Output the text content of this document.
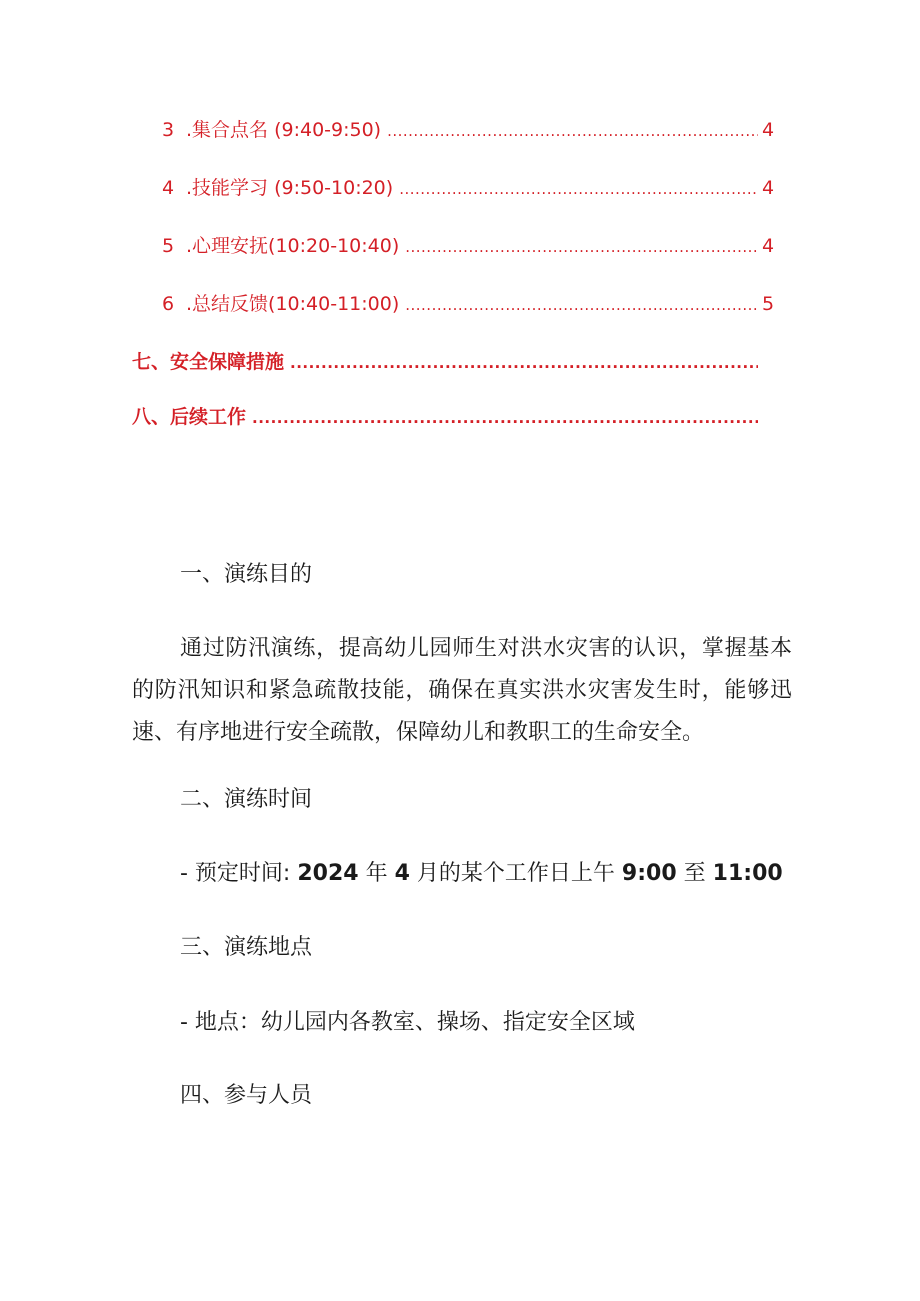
3 .集合点名 (9:40-9:50) .....	4
4 .技能学习 (9:50-10:20) .....	4
5 .心理安抚(10:20-10:40) .....	4
6 .总结反馈(10:40-11:00) .....	5
七、安全保障措施
.....
八、后续工作
.....
一、演练目的
通过防汛演练，提高幼儿园师生对洪水灾害的认识，掌握基本的防汛知识和紧急疏散技能，确保在真实洪水灾害发生时，能够迅速、有序地进行安全疏散，保障幼儿和教职工的生命安全。
二、演练时间
- 预定时间: 2024 年 4 月的某个工作日上午 9:00 至 11:00
三、演练地点
- 地点：幼儿园内各教室、操场、指定安全区域
四、参与人员
